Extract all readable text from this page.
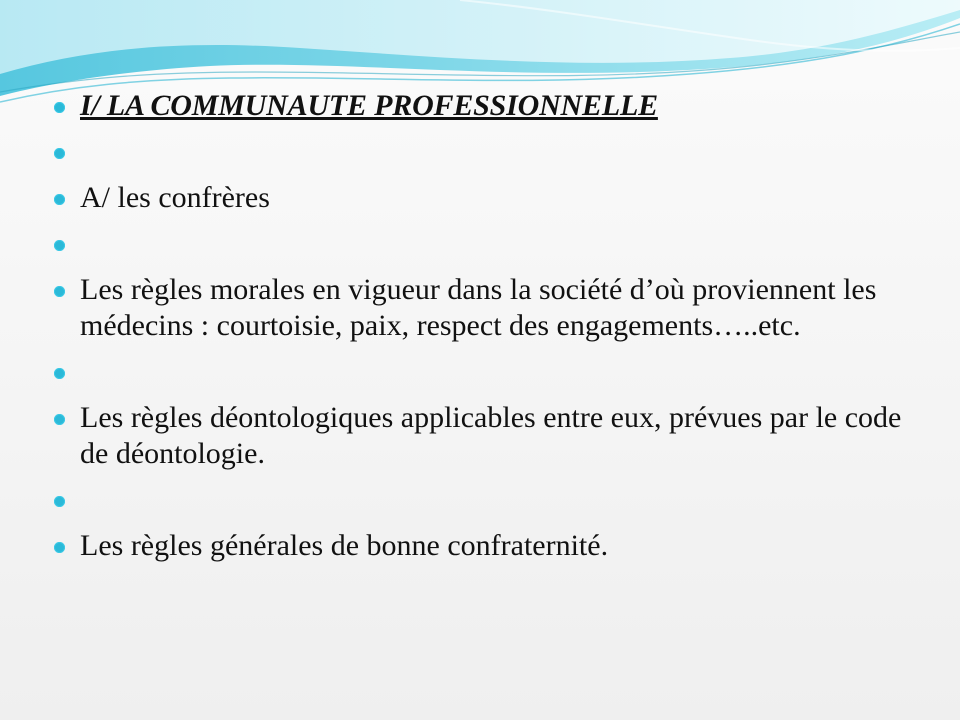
I/ LA COMMUNAUTE PROFESSIONNELLE
A/ les confrères
Les règles morales en vigueur dans la société d’où proviennent les médecins : courtoisie, paix, respect des engagements…..etc.
Les règles déontologiques applicables entre eux, prévues par le code de déontologie.
Les règles générales de bonne confraternité.
